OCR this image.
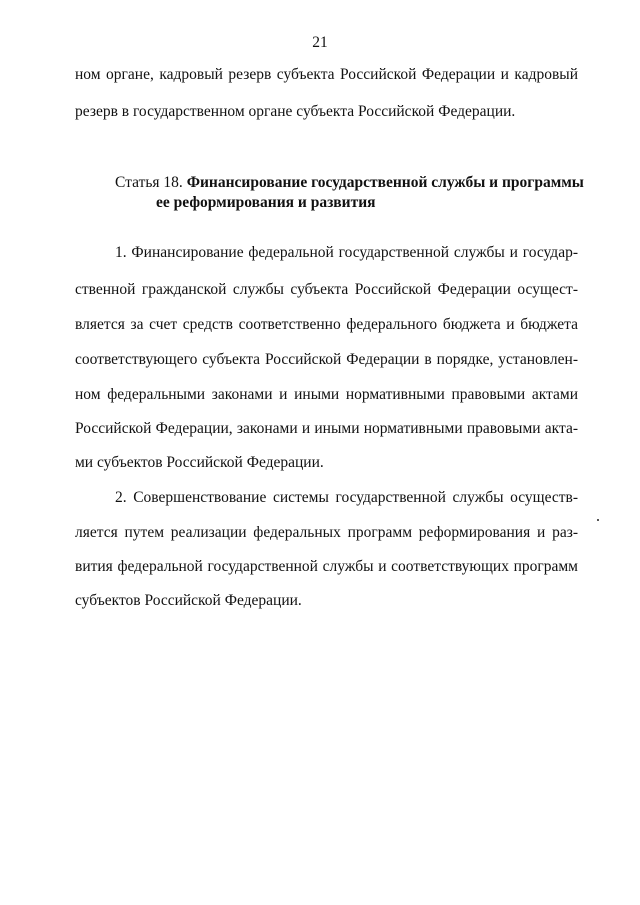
21
ном органе, кадровый резерв субъекта Российской Федерации и кадровый
резерв в государственном органе субъекта Российской Федерации.
Статья 18. Финансирование государственной службы и программы
ее реформирования и развития
1. Финансирование федеральной государственной службы и государ-
ственной гражданской службы субъекта Российской Федерации осущест-
вляется за счет средств соответственно федерального бюджета и бюджета
соответствующего субъекта Российской Федерации в порядке, установлен-
ном федеральными законами и иными нормативными правовыми актами
Российской Федерации, законами и иными нормативными правовыми акта-
ми субъектов Российской Федерации.
2. Совершенствование системы государственной службы осуществ-
ляется путем реализации федеральных программ реформирования и раз-
вития федеральной государственной службы и соответствующих программ
субъектов Российской Федерации.
